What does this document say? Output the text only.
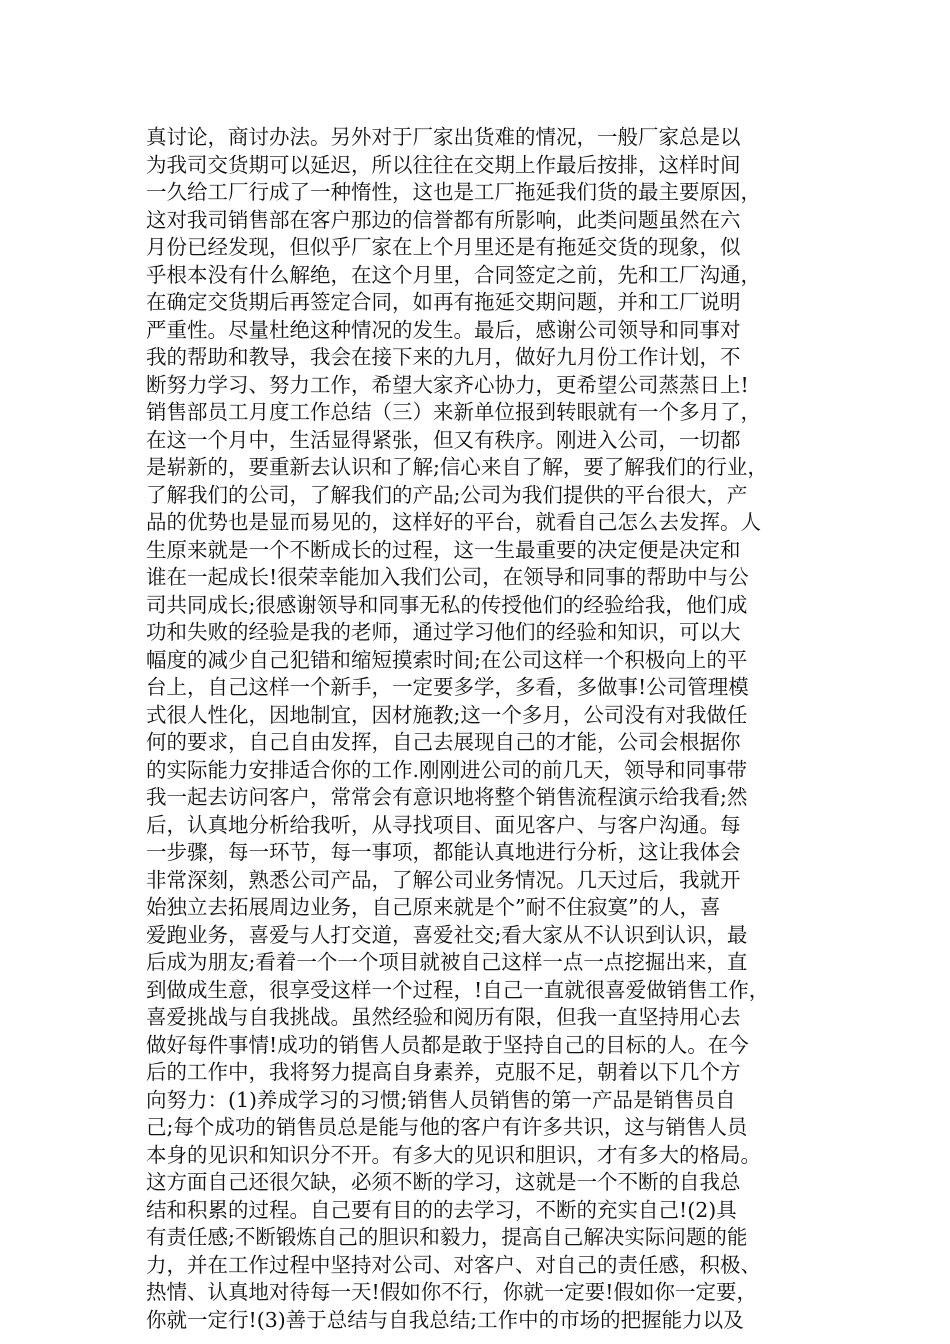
真讨论，商讨办法。另外对于厂家出货难的情况，一般厂家总是以
为我司交货期可以延迟，所以往往在交期上作最后按排，这样时间
一久给工厂行成了一种惰性，这也是工厂拖延我们货的最主要原因，
这对我司销售部在客户那边的信誉都有所影响，此类问题虽然在六
月份已经发现，但似乎厂家在上个月里还是有拖延交货的现象，似
乎根本没有什么解绝，在这个月里，合同签定之前，先和工厂沟通，
在确定交货期后再签定合同，如再有拖延交期问题，并和工厂说明
严重性。尽量杜绝这种情况的发生。最后，感谢公司领导和同事对
我的帮助和教导，我会在接下来的九月，做好九月份工作计划，不
断努力学习、努力工作，希望大家齐心协力，更希望公司蒸蒸日上!
销售部员工月度工作总结（三）来新单位报到转眼就有一个多月了，
在这一个月中，生活显得紧张，但又有秩序。刚进入公司，一切都
是崭新的，要重新去认识和了解;信心来自了解，要了解我们的行业，
了解我们的公司，了解我们的产品;公司为我们提供的平台很大，产
品的优势也是显而易见的，这样好的平台，就看自己怎么去发挥。人
生原来就是一个不断成长的过程，这一生最重要的决定便是决定和
谁在一起成长!很荣幸能加入我们公司，在领导和同事的帮助中与公
司共同成长;很感谢领导和同事无私的传授他们的经验给我，他们成
功和失败的经验是我的老师，通过学习他们的经验和知识，可以大
幅度的减少自己犯错和缩短摸索时间;在公司这样一个积极向上的平
台上，自己这样一个新手，一定要多学，多看，多做事!公司管理模
式很人性化，因地制宜，因材施教;这一个多月，公司没有对我做任
何的要求，自己自由发挥，自己去展现自己的才能，公司会根据你
的实际能力安排适合你的工作.刚刚进公司的前几天，领导和同事带
我一起去访问客户，常常会有意识地将整个销售流程演示给我看;然
后，认真地分析给我听，从寻找项目、面见客户、与客户沟通。每
一步骤，每一环节，每一事项，都能认真地进行分析，这让我体会
非常深刻，熟悉公司产品，了解公司业务情况。几天过后，我就开
始独立去拓展周边业务，自己原来就是个”耐不住寂寞”的人，喜
爱跑业务，喜爱与人打交道，喜爱社交;看大家从不认识到认识，最
后成为朋友;看着一个一个项目就被自己这样一点一点挖掘出来，直
到做成生意，很享受这样一个过程，!自己一直就很喜爱做销售工作，
喜爱挑战与自我挑战。虽然经验和阅历有限，但我一直坚持用心去
做好每件事情!成功的销售人员都是敢于坚持自己的目标的人。在今
后的工作中，我将努力提高自身素养，克服不足，朝着以下几个方
向努力：(1)养成学习的习惯;销售人员销售的第一产品是销售员自
己;每个成功的销售员总是能与他的客户有许多共识，这与销售人员
本身的见识和知识分不开。有多大的见识和胆识，才有多大的格局。
这方面自己还很欠缺，必须不断的学习，这就是一个不断的自我总
结和积累的过程。自己要有目的的去学习，不断的充实自己!(2)具
有责任感;不断锻炼自己的胆识和毅力，提高自己解决实际问题的能
力，并在工作过程中坚持对公司、对客户、对自己的责任感，积极、
热情、认真地对待每一天!假如你不行，你就一定要!假如你一定要，
你就一定行!(3)善于总结与自我总结;工作中的市场的把握能力以及
